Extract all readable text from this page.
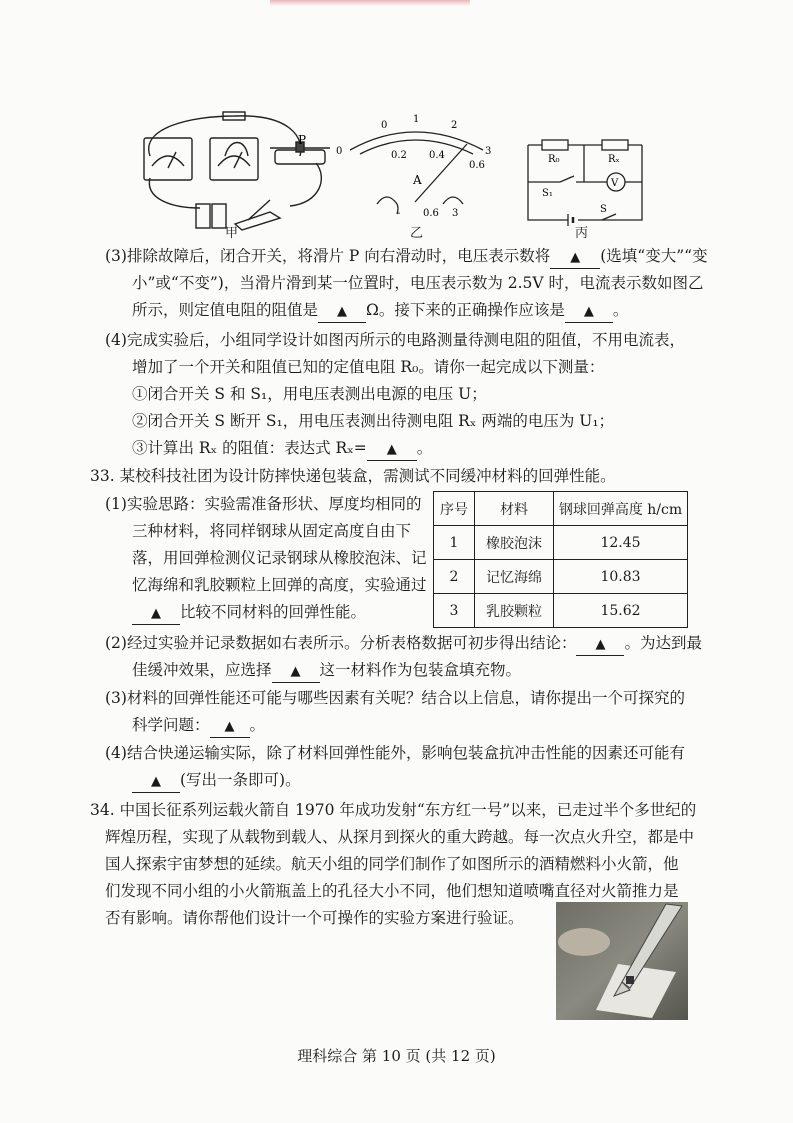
P
甲
0
0
1
2
3
0.2 0.4
0.6
A
- 0.6 3
乙
R₀	Rₓ
S₁
V
S
丙
(3)排除故障后，闭合开关，将滑片 P 向右滑动时，电压表示数将 ▲ (选填“变大”“变
小”或“不变”)，当滑片滑到某一位置时，电压表示数为 2.5V 时，电流表示数如图乙
所示，则定值电阻的阻值是 ▲ Ω。接下来的正确操作应该是 ▲ 。
(4)完成实验后，小组同学设计如图丙所示的电路测量待测电阻的阻值，不用电流表，
增加了一个开关和阻值已知的定值电阻 R₀。请你一起完成以下测量：
①闭合开关 S 和 S₁，用电压表测出电源的电压 U；
②闭合开关 S 断开 S₁，用电压表测出待测电阻 Rₓ 两端的电压为 U₁；
③计算出 Rₓ 的阻值：表达式 Rₓ= ▲ 。
33. 某校科技社团为设计防摔快递包装盒，需测试不同缓冲材料的回弹性能。
(1)实验思路：实验需准备形状、厚度均相同的
三种材料，将同样钢球从固定高度自由下
落，用回弹检测仪记录钢球从橡胶泡沫、记
忆海绵和乳胶颗粒上回弹的高度，实验通过
▲ 比较不同材料的回弹性能。
序号	材料	钢球回弹高度 h/cm
1	橡胶泡沫	12.45
2	记忆海绵	10.83
3	乳胶颗粒	15.62
(2)经过实验并记录数据如右表所示。分析表格数据可初步得出结论： ▲ 。为达到最
佳缓冲效果，应选择 ▲ 这一材料作为包装盒填充物。
(3)材料的回弹性能还可能与哪些因素有关呢？结合以上信息，请你提出一个可探究的
科学问题： ▲ 。
(4)结合快递运输实际，除了材料回弹性能外，影响包装盒抗冲击性能的因素还可能有
▲ (写出一条即可)。
34. 中国长征系列运载火箭自 1970 年成功发射“东方红一号”以来，已走过半个多世纪的
辉煌历程，实现了从载物到载人、从探月到探火的重大跨越。每一次点火升空，都是中
国人探索宇宙梦想的延续。航天小组的同学们制作了如图所示的酒精燃料小火箭，他
们发现不同小组的小火箭瓶盖上的孔径大小不同，他们想知道喷嘴直径对火箭推力是
否有影响。请你帮他们设计一个可操作的实验方案进行验证。
理科综合 第 10 页 (共 12 页)
